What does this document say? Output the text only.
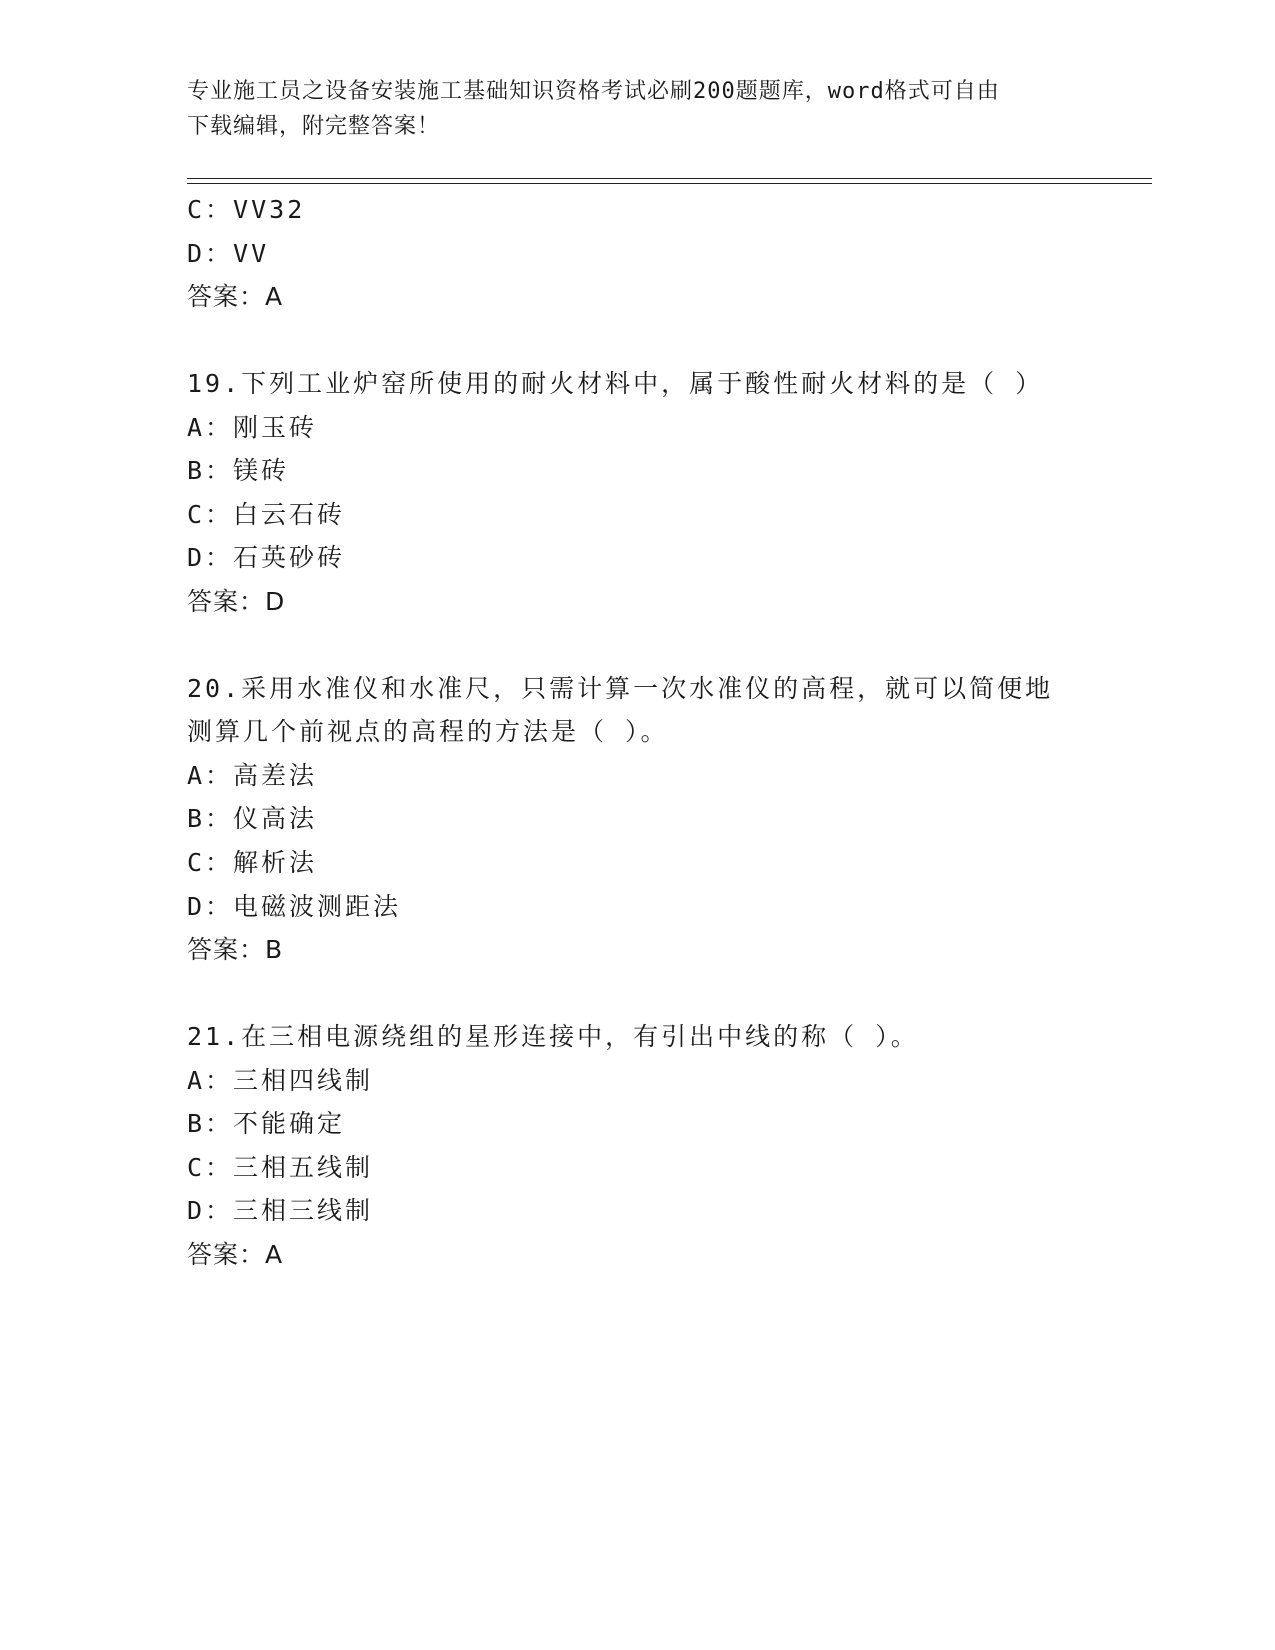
专业施工员之设备安装施工基础知识资格考试必刷200题题库，word格式可自由
下载编辑，附完整答案！
C：VV32
D：VV
答案：A
19.下列工业炉窑所使用的耐火材料中，属于酸性耐火材料的是（ ）
A：刚玉砖
B：镁砖
C：白云石砖
D：石英砂砖
答案：D
20.采用水准仪和水准尺，只需计算一次水准仪的高程，就可以简便地
测算几个前视点的高程的方法是（ ）。
A：高差法
B：仪高法
C：解析法
D：电磁波测距法
答案：B
21.在三相电源绕组的星形连接中，有引出中线的称（ ）。
A：三相四线制
B：不能确定
C：三相五线制
D：三相三线制
答案：A
